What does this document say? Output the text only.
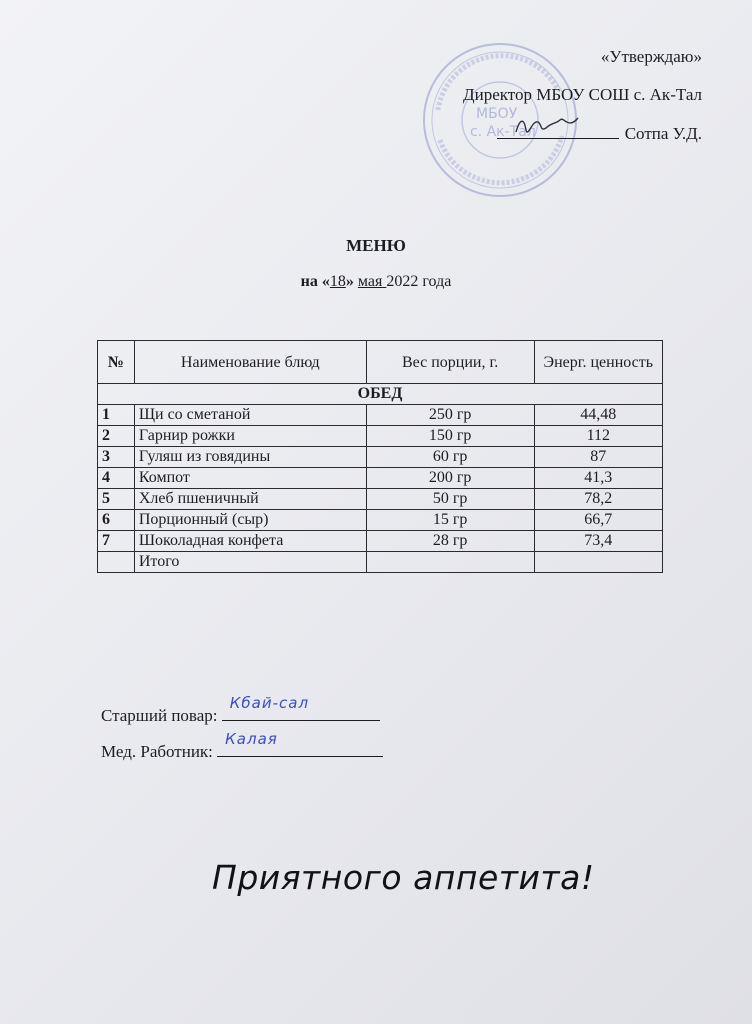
МБОУ
с. Ак-Тал
«Утверждаю»
Директор МБОУ СОШ с. Ак-Тал
Сотпа У.Д.
МЕНЮ
на «18» мая 2022 года
№	Наименование блюд	Вес порции, г.	Энерг. ценность
ОБЕД			
1	Щи со сметаной	250 гр	44,48
2	Гарнир рожки	150 гр	112
3	Гуляш из говядины	60 гр	87
4	Компот	200 гр	41,3
5	Хлеб пшеничный	50 гр	78,2
6	Порционный (сыр)	15 гр	66,7
7	Шоколадная конфета	28 гр	73,4
	Итого		
Старший повар:
Кбай-сал
Мед. Работник:
Калая
Приятного аппетита!
